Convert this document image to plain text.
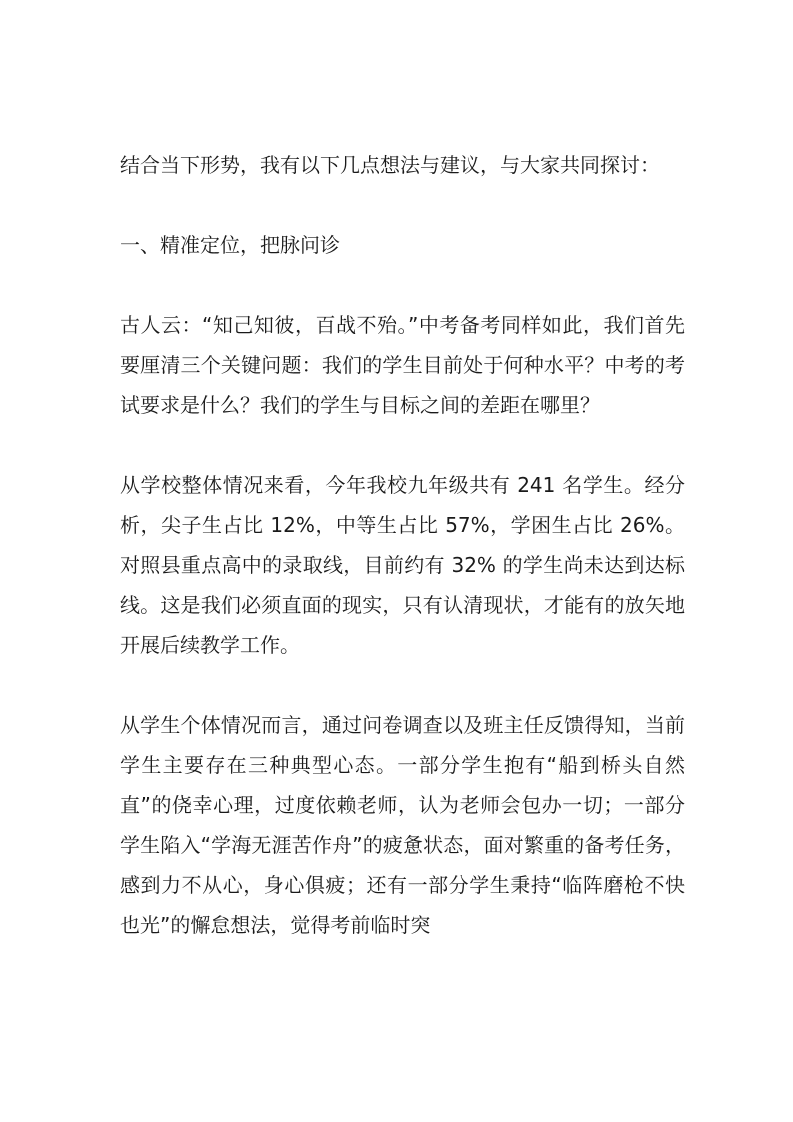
结合当下形势，我有以下几点想法与建议，与大家共同探讨：

一、精准定位，把脉问诊

古人云：“知己知彼，百战不殆。”中考备考同样如此，我们首先要厘清三个关键问题：我们的学生目前处于何种水平？中考的考试要求是什么？我们的学生与目标之间的差距在哪里？

从学校整体情况来看，今年我校九年级共有 241 名学生。经分析，尖子生占比 12%，中等生占比 57%，学困生占比 26%。对照县重点高中的录取线，目前约有 32% 的学生尚未达到达标线。这是我们必须直面的现实，只有认清现状，才能有的放矢地开展后续教学工作。

从学生个体情况而言，通过问卷调查以及班主任反馈得知，当前学生主要存在三种典型心态。一部分学生抱有“船到桥头自然直”的侥幸心理，过度依赖老师，认为老师会包办一切；一部分学生陷入“学海无涯苦作舟”的疲惫状态，面对繁重的备考任务，感到力不从心，身心俱疲；还有一部分学生秉持“临阵磨枪不快也光”的懈怠想法，觉得考前临时突
